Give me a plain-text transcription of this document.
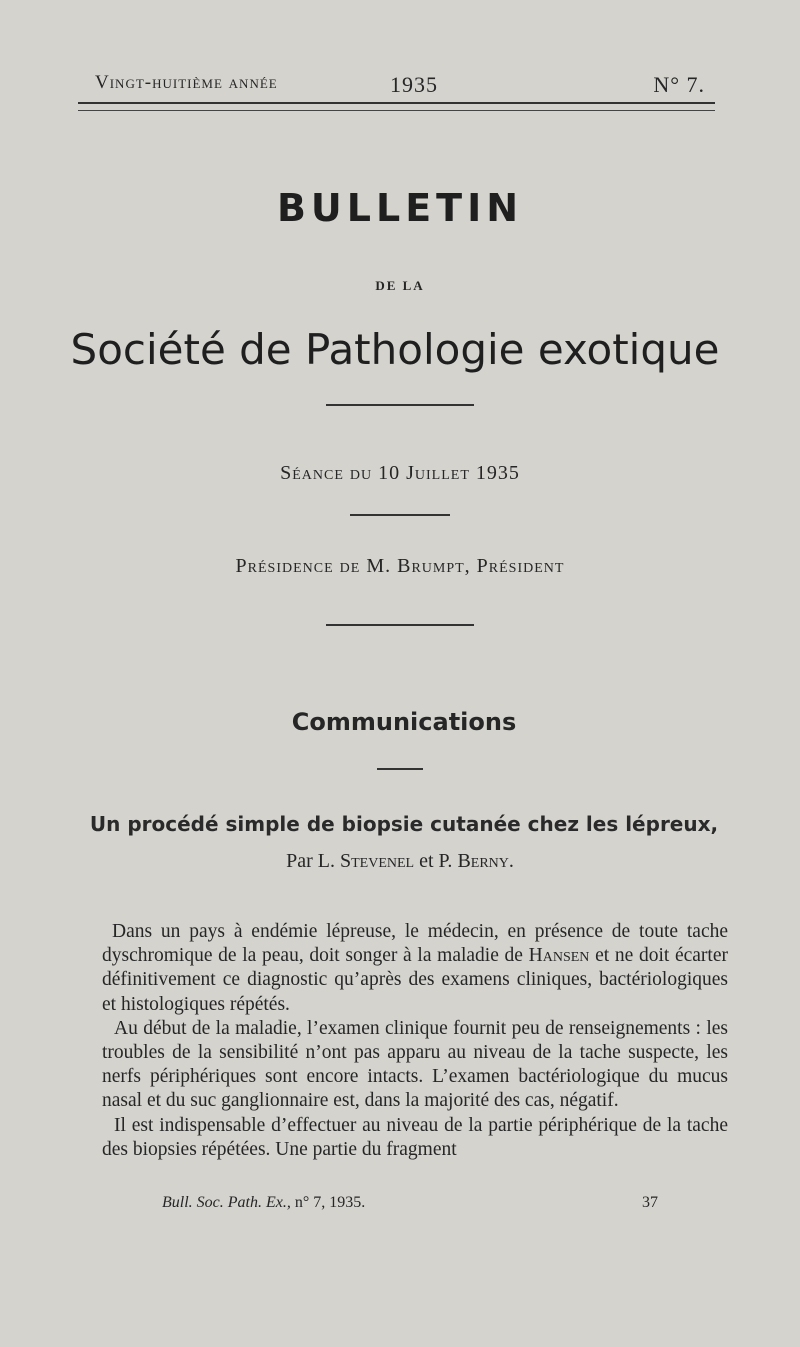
Vingt-huitième année	1935	N° 7.
BULLETIN
DE LA
Société de Pathologie exotique
Séance du 10 Juillet 1935
Présidence de M. Brumpt, Président
Communications
Un procédé simple de biopsie cutanée chez les lépreux,
Par L. Stevenel et P. Berny.

Dans un pays à endémie lépreuse, le médecin, en présence de toute tache dyschromique de la peau, doit songer à la maladie de Hansen et ne doit écarter définitivement ce diagnostic qu’après des examens cliniques, bactériologiques et histologiques répétés.

Au début de la maladie, l’examen clinique fournit peu de renseignements : les troubles de la sensibilité n’ont pas apparu au niveau de la tache suspecte, les nerfs périphériques sont encore intacts. L’examen bactériologique du mucus nasal et du suc ganglionnaire est, dans la majorité des cas, négatif.

Il est indispensable d’effectuer au niveau de la partie périphérique de la tache des biopsies répétées. Une partie du fragment

Bull. Soc. Path. Ex., n° 7, 1935.	37
